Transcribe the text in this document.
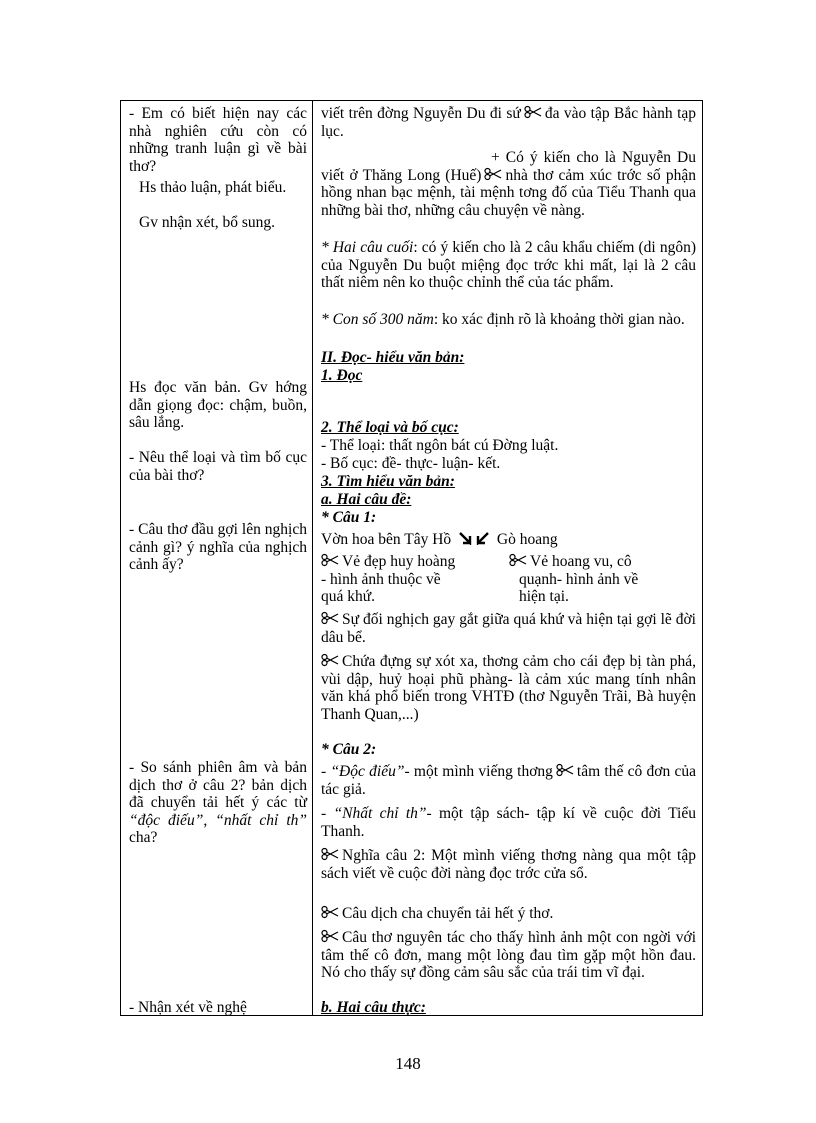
- Em có biết hiện nay các nhà nghiên cứu còn có những tranh luận gì về bài thơ?
Hs thảo luận, phát biểu.
Gv nhận xét, bổ sung.
Hs đọc văn bản. Gv hớng dẫn giọng đọc: chậm, buồn, sâu lắng.
- Nêu thể loại và tìm bố cục của bài thơ?
- Câu thơ đầu gợi lên nghịch cảnh gì? ý nghĩa của nghịch cảnh ấy?
- So sánh phiên âm và bản dịch thơ ở câu 2? bản dịch đã chuyển tải hết ý các từ “độc điếu”, “nhất chỉ th” cha?
- Nhận xét về nghệ
viết trên đờng Nguyễn Du đi sứ đa vào tập Bắc hành tạp lục.
+ Có ý kiến cho là Nguyễn Du viết ở Thăng Long (Huế) nhà thơ cảm xúc trớc số phận hồng nhan bạc mệnh, tài mệnh tơng đố của Tiểu Thanh qua những bài thơ, những câu chuyện về nàng.
* Hai câu cuối: có ý kiến cho là 2 câu khẩu chiếm (di ngôn) của Nguyễn Du buột miệng đọc trớc khi mất, lại là 2 câu thất niêm nên ko thuộc chỉnh thể của tác phẩm.
* Con số 300 năm: ko xác định rõ là khoảng thời gian nào.
II. Đọc- hiểu văn bản:
1. Đọc
2. Thể loại và bố cục:
- Thể loại: thất ngôn bát cú Đờng luật.
- Bố cục: đề- thực- luận- kết.
3. Tìm hiểu văn bản:
a. Hai câu đề:
* Câu 1:
Vờn hoa bên Tây Hồ	Gò hoang
Vẻ đẹp huy hoàng
- hình ảnh thuộc về
quá khứ.
Vẻ hoang vu, cô
quạnh- hình ảnh về
hiện tại.
Sự đối nghịch gay gắt giữa quá khứ và hiện tại gợi lẽ đời dâu bể.
Chứa đựng sự xót xa, thơng cảm cho cái đẹp bị tàn phá, vùi dập, huỷ hoại phũ phàng- là cảm xúc mang tính nhân văn khá phổ biến trong VHTĐ (thơ Nguyễn Trãi, Bà huyện Thanh Quan,...)
* Câu 2:
- “Độc điếu”- một mình viếng thơng tâm thế cô đơn của tác giả.
- “Nhất chỉ th”- một tập sách- tập kí về cuộc đời Tiểu Thanh.
Nghĩa câu 2: Một mình viếng thơng nàng qua một tập sách viết về cuộc đời nàng đọc trớc cửa sổ.
Câu dịch cha chuyển tải hết ý thơ.
Câu thơ nguyên tác cho thấy hình ảnh một con ngời với tâm thế cô đơn, mang một lòng đau tìm gặp một hồn đau. Nó cho thấy sự đồng cảm sâu sắc của trái tim vĩ đại.
b. Hai câu thực:
148
